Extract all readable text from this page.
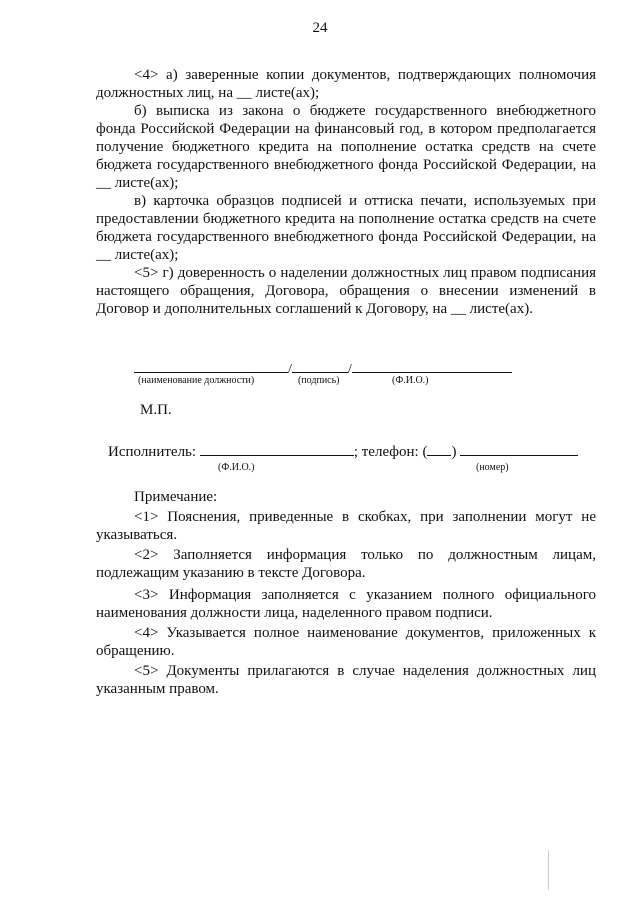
24

<4> а) заверенные копии документов, подтверждающих полномочия должностных лиц, на __ листе(ах);

б) выписка из закона о бюджете государственного внебюджетного фонда Российской Федерации на финансовый год, в котором предполагается получение бюджетного кредита на пополнение остатка средств на счете бюджета государственного внебюджетного фонда Российской Федерации, на __ листе(ах);

в) карточка образцов подписей и оттиска печати, используемых при предоставлении бюджетного кредита на пополнение остатка средств на счете бюджета государственного внебюджетного фонда Российской Федерации, на __ листе(ах);

<5> г) доверенность о наделении должностных лиц правом подписания настоящего обращения, Договора, обращения о внесении изменений в Договор и дополнительных соглашений к Договору, на __ листе(ах).

/	/
(наименование должности)	(подпись)	(Ф.И.О.)
М.П.
Исполнитель:	; телефон: ( )
(Ф.И.О.)	(номер)
Примечание:

<1> Пояснения, приведенные в скобках, при заполнении могут не указываться.

<2> Заполняется информация только по должностным лицам, подлежащим указанию в тексте Договора.

<3> Информация заполняется с указанием полного официального наименования должности лица, наделенного правом подписи.

<4> Указывается полное наименование документов, приложенных к обращению.

<5> Документы прилагаются в случае наделения должностных лиц указанным правом.
